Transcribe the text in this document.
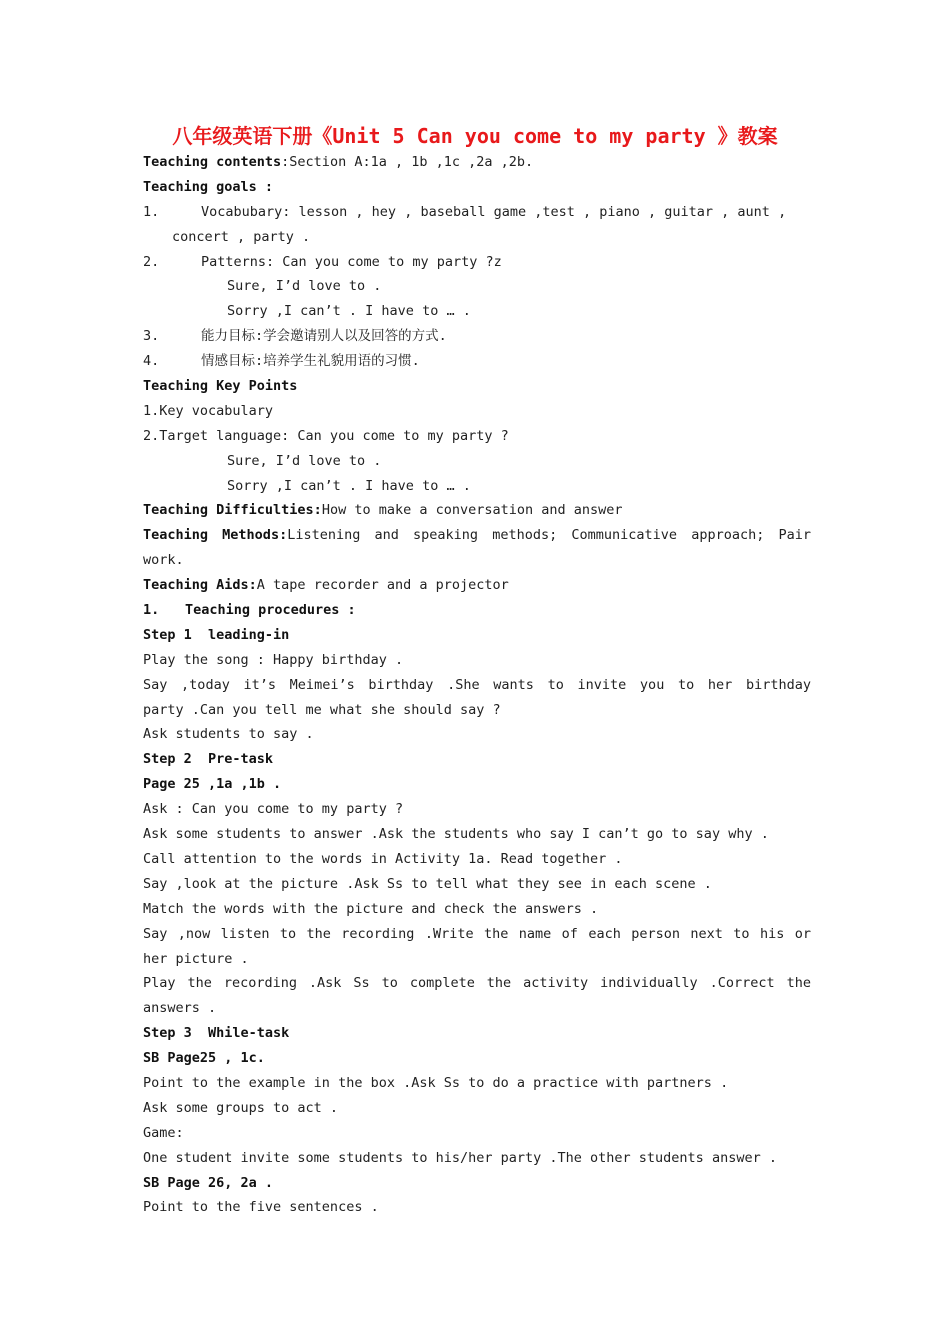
八年级英语下册《Unit 5 Can you come to my party 》教案
Teaching contents:Section A:1a , 1b ,1c ,2a ,2b.
Teaching goals :
1.	Vocabubary: lesson , hey , baseball game ,test , piano , guitar , aunt ,
concert , party .
2.	Patterns: Can you come to my party ?z
Sure, I’d love to .
Sorry ,I can’t . I have to … .
3.	能力目标:学会邀请别人以及回答的方式.
4.	情感目标:培养学生礼貌用语的习惯.
Teaching Key Points
1.Key vocabulary
2.Target language: Can you come to my party ?
Sure, I’d love to .
Sorry ,I can’t . I have to … .
Teaching Difficulties:How to make a conversation and answer
Teaching Methods:Listening and speaking methods; Communicative approach; Pair
work.
Teaching Aids:A tape recorder and a projector
1. Teaching procedures :
Step 1  leading-in
Play the song : Happy birthday .
Say ,today it’s Meimei’s birthday .She wants to invite you to her birthday
party .Can you tell me what she should say ?
Ask students to say .
Step 2  Pre-task
Page 25 ,1a ,1b .
Ask : Can you come to my party ?
Ask some students to answer .Ask the students who say I can’t go to say why .
Call attention to the words in Activity 1a. Read together .
Say ,look at the picture .Ask Ss to tell what they see in each scene .
Match the words with the picture and check the answers .
Say ,now listen to the recording .Write the name of each person next to his or
her picture .
Play the recording .Ask Ss to complete the activity individually .Correct the
answers .
Step 3  While-task
SB Page25 , 1c.
Point to the example in the box .Ask Ss to do a practice with partners .
Ask some groups to act .
Game:
One student invite some students to his/her party .The other students answer .
SB Page 26, 2a .
Point to the five sentences .
